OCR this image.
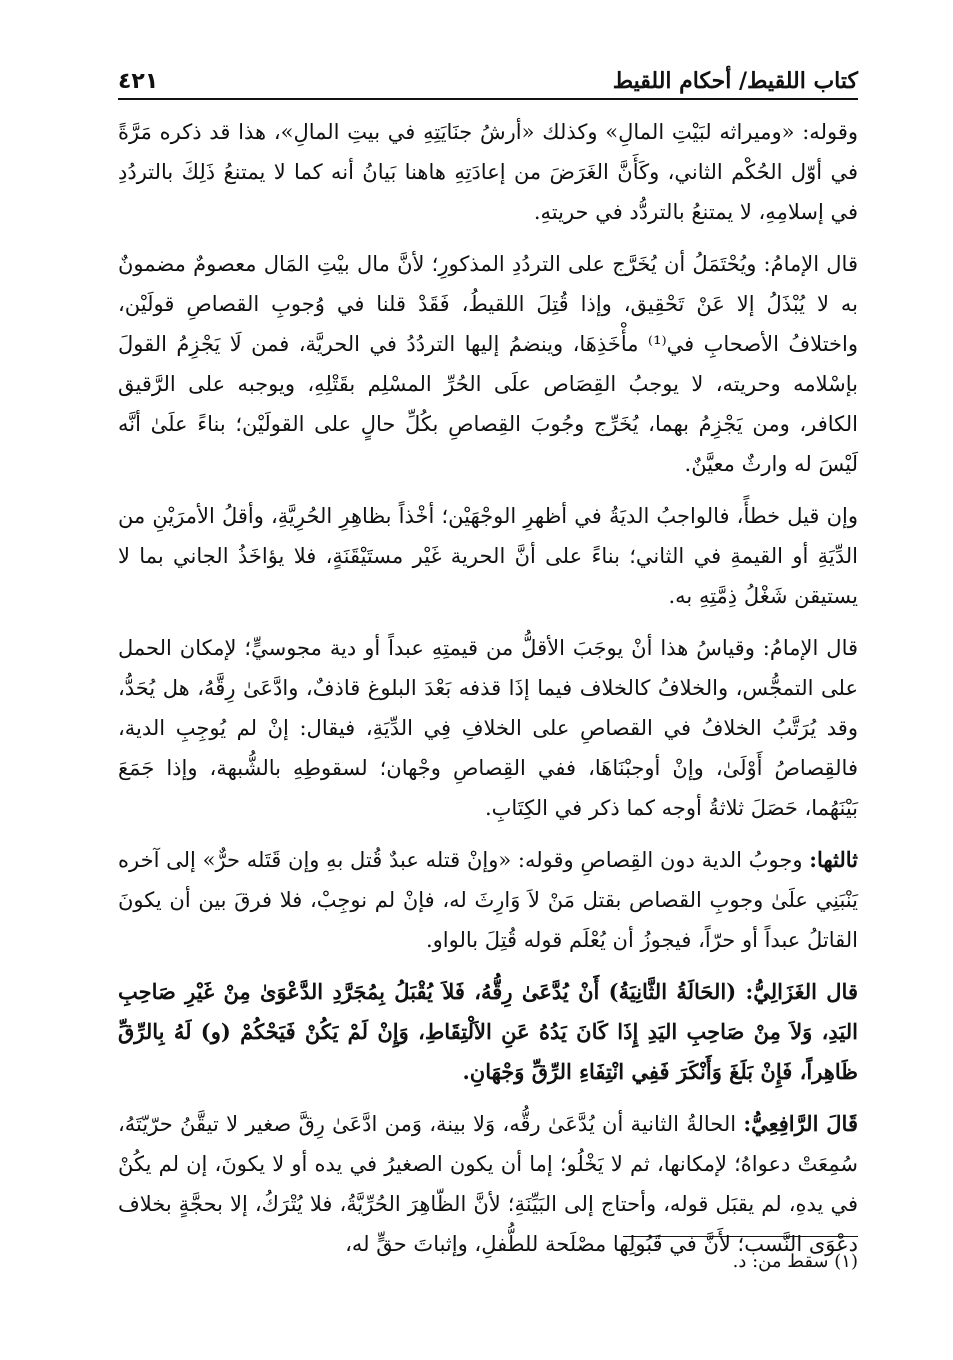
كتاب اللقيط/ أحكام اللقيط
٤٢١

وقوله: «وميراثه لبَيْتِ المالِ» وكذلك «أرشُ جنَايَتِهِ في بيتِ المالِ»، هذا قد ذكره مَرَّةً في أوّل الحُكْم الثاني، وكَأَنَّ الغَرَضَ من إعادَتِهِ هاهنا بَيانُ أنه كما لا يمتنعُ ذَلِكَ بالتردُدِ في إسلامِهِ، لا يمتنعُ بالتردُّد في حريتهِ.

قال الإمامُ: ويُحْتَمَلُ أن يُخَرَّج على التردُدِ المذكورِ؛ لأنَّ مال بيْتِ المَال معصومٌ مضمونٌ به لا يُبْذَلُ إلا عَنْ تَحْقِيق، وإذا قُتِلَ اللقيطُ، فَقَدْ قلنا في وُجوبِ القصاصِ قولَيْن، واختلافُ الأصحابِ في⁽¹⁾ مأْخَذِهَا، وينضمُ إليها التردُدُ في الحريَّة، فمن لَا يَجْزِمُ القولَ بإسْلامه وحريته، لا يوجبُ القِصَاص علَى الحُرِّ المسْلِم بقَتْلِهِ، ويوجبه على الرَّقيق الكافر، ومن يَجْزِمُ بهما، يُخَرِّج وجُوبَ القِصاصِ بكُلِّ حالٍ على القولَيْن؛ بناءً علَىٰ أنَّه لَيْسَ له وارثٌ معيَّنٌ.

وإن قيل خطأً، فالواجبُ الديَةُ في أظهرِ الوجْهَيْن؛ أخْذاً بظاهِرِ الحُرِيَّةِ، وأقلُ الأمرَيْنِ من الدِّيَةِ أو القيمةِ في الثاني؛ بناءً على أنَّ الحرية غَيْر مستَيْقَنَةٍ، فلا يؤاخَذُ الجاني بما لا يستيقن شَغْلُ ذِمَّتِهِ به.

قال الإمامُ: وقياسُ هذا أنْ يوجَبَ الأقلُّ من قيمتِهِ عبداً أو دية مجوسيٍّ؛ لإمكان الحمل على التمجُّس، والخلافُ كالخلاف فيما إذَا قذفه بَعْدَ البلوغ قاذفٌ، وادَّعَىٰ رِقَّهُ، هل يُحَدُّ، وقد يُرَتَّبُ الخلافُ في القصاصِ على الخلافِ فِي الدِّيَةِ، فيقال: إنْ لم يُوجِبِ الدية، فالقِصاصُ أَوْلَىٰ، وإنْ أوجبْنَاهَا، ففي القِصاصِ وجْهان؛ لسقوطِهِ بالشُّبهة، وإذا جَمَعَ بَيْنَهُما، حَصَلَ ثلاثةُ أوجه كما ذكر في الكِتَابِ.

ثالثها: وجوبُ الدية دون القِصاصِ وقوله: «وإنْ قتله عبدٌ قُتل بهِ وإن قَتَله حرٌّ» إلى آخره يَنْبَنِي علَىٰ وجوبِ القصاص بقتل مَنْ لاَ وَارِثَ له، فإنْ لم نوجِبْ، فلا فرقَ بين أن يكونَ القاتلُ عبداً أو حرّاً، فيجوزُ أن يُعْلَم قوله قُتِلَ بالواو.

قال الغَزَالِيُّ: (الحَالَةُ الثَّانِيَةُ) أَنْ يُدَّعَىٰ رِقُّهُ، فَلاَ يُقْبَلُ بِمُجَرَّدِ الدَّعْوَىٰ مِنْ غَيْرِ صَاحِبِ اليَدِ، وَلاَ مِنْ صَاحِبِ اليَدِ إِذَا كَانَ يَدُهُ عَنِ الاَلْتِقَاطِ، وَإِنْ لَمْ يَكُنْ فَيَحْكُمْ (و) لَهُ بِالرِّقِّ ظَاهِراً، فَإِنْ بَلَغَ وَأَنْكَرَ فَفِي انْتِفَاءِ الرِّقِّ وَجْهَانِ.

قَالَ الرَّافِعِيُّ: الحالةُ الثانية أن يُدَّعَىٰ رقُّه، وَلا بينة، وَمن ادَّعَىٰ رِقَّ صغير لا تيقَّنُ حرّيّتَهُ، سُمِعَتْ دعواهُ؛ لإمكانها، ثم لا يَخْلُو؛ إما أن يكون الصغيرُ في يده أو لا يكونَ، إن لم يكُنْ في يدهِ، لم يقبَل قوله، وأحتاج إلى البَيِّنَةِ؛ لأنَّ الظّاهِرَ الحُرِّيَّةُ، فلا يُتْرَكُ، إلا بحجَّةٍ بخلاف دعْوَى النَّسب؛ لأَنَّ في قَبُولِها مصْلَحة للطُّفلِ، وإثباتَ حقٍّ له،

(١) سقط من: د.
